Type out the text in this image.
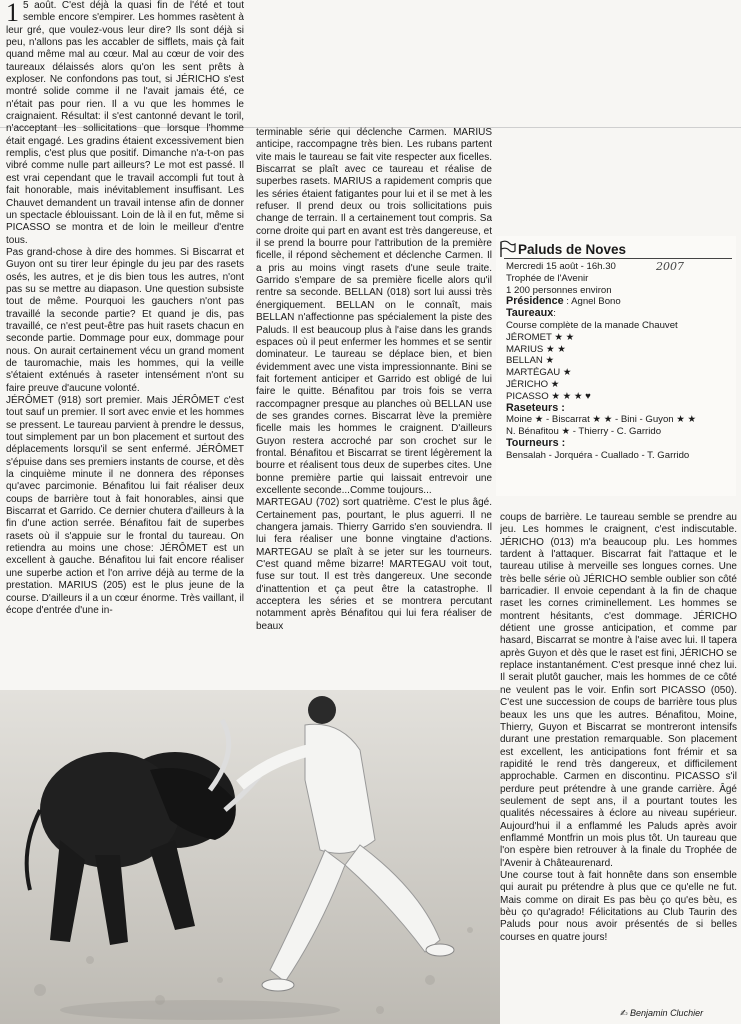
1 5 août. C'est déjà la quasi fin de l'été et tout semble encore s'empirer. Les hommes rasètent à leur gré, que voulez-vous leur dire? Ils sont déjà si peu, n'allons pas les accabler de sifflets, mais çà fait quand même mal au cœur. Mal au cœur de voir des taureaux délaissés alors qu'on les sent prêts à exploser. Ne confondons pas tout, si JÉRICHO s'est montré solide comme il ne l'avait jamais été, ce n'était pas pour rien. Il a vu que les hommes le craignaient. Résultat: il s'est cantonné devant le toril, n'acceptant les sollicitations que lorsque l'homme était engagé. Les gradins étaient excessivement bien remplis, c'est plus que positif. Dimanche n'a-t-on pas vibré comme nulle part ailleurs? Le mot est passé. Il est vrai cependant que le travail accompli fut tout à fait honorable, mais inévitablement insuffisant. Les Chauvet demandent un travail intense afin de donner un spectacle éblouissant. Loin de là il en fut, même si PICASSO se montra et de loin le meilleur d'entre tous.

Pas grand-chose à dire des hommes. Si Biscarrat et Guyon ont su tirer leur épingle du jeu par des rasets osés, les autres, et je dis bien tous les autres, n'ont pas su se mettre au diapason. Une question subsiste tout de même. Pourquoi les gauchers n'ont pas travaillé la seconde partie? Et quand je dis, pas travaillé, ce n'est peut-être pas huit rasets chacun en seconde partie. Dommage pour eux, dommage pour nous. On aurait certainement vécu un grand moment de tauromachie, mais les hommes, qui la veille s'étaient exténués à raseter intensément n'ont su faire preuve d'aucune volonté.

JÉRÔMET (918) sort premier. Mais JÉRÔMET c'est tout sauf un premier. Il sort avec envie et les hommes se pressent. Le taureau parvient à prendre le dessus, tout simplement par un bon placement et surtout des déplacements lorsqu'il se sent enfermé. JÉRÔMET s'épuise dans ses premiers instants de course, et dès la cinquième minute il ne donnera des réponses qu'avec parcimonie. Bénafitou lui fait réaliser deux coups de barrière tout à fait honorables, ainsi que Biscarrat et Garrido. Ce dernier chutera d'ailleurs à la fin d'une action serrée. Bénafitou fait de superbes rasets où il s'appuie sur le frontal du taureau. On retiendra au moins une chose: JÉRÔMET est un excellent à gauche. Bénafitou lui fait encore réaliser une superbe action et l'on arrive déjà au terme de la prestation. MARIUS (205) est le plus jeune de la course. D'ailleurs il a un cœur énorme. Très vaillant, il écope d'entrée d'une in-

terminable série qui déclenche Carmen. MARIUS anticipe, raccompagne très bien. Les rubans partent vite mais le taureau se fait vite respecter aux ficelles. Biscarrat se plaît avec ce taureau et réalise de superbes rasets. MARIUS a rapidement compris que les séries étaient fatigantes pour lui et il se met à les refuser. Il prend deux ou trois sollicitations puis change de terrain. Il a certainement tout compris. Sa corne droite qui part en avant est très dangereuse, et il se prend la bourre pour l'attribution de la première ficelle, il répond sèchement et déclenche Carmen. Il a pris au moins vingt rasets d'une seule traite. Garrido s'empare de sa première ficelle alors qu'il rentre sa seconde. BELLAN (018) sort lui aussi très énergiquement. BELLAN on le connaît, mais BELLAN n'affectionne pas spécialement la piste des Paluds. Il est beaucoup plus à l'aise dans les grands espaces où il peut enfermer les hommes et se sentir dominateur. Le taureau se déplace bien, et bien évidemment avec une vista impressionnante. Bini se fait fortement anticiper et Garrido est obligé de lui faire le quitte. Bénafitou par trois fois se verra raccompagner presque au planches où BELLAN use de ses grandes cornes. Biscarrat lève la première ficelle mais les hommes le craignent. D'ailleurs Guyon restera accroché par son crochet sur le frontal. Bénafitou et Biscarrat se tirent légèrement la bourre et réalisent tous deux de superbes cites. Une bonne première partie qui laissait entrevoir une excellente seconde...Comme toujours...

MARTEGAU (702) sort quatrième. C'est le plus âgé. Certainement pas, pourtant, le plus aguerri. Il ne changera jamais. Thierry Garrido s'en souviendra. Il lui fera réaliser une bonne vingtaine d'actions. MARTEGAU se plaît à se jeter sur les tourneurs. C'est quand même bizarre! MARTEGAU voit tout, fuse sur tout. Il est très dangereux. Une seconde d'inattention et ça peut être la catastrophe. Il acceptera les séries et se montrera percutant notamment après Bénafitou qui lui fera réaliser de beaux

Paluds de Noves
2007
Mercredi 15 août - 16h.30
Trophée de l'Avenir
1 200 personnes environ
Présidence : Agnel Bono
Taureaux:
Course complète de la manade Chauvet
JÉROMET ★ ★
MARIUS ★ ★
BELLAN ★
MARTÉGAU ★
JÉRICHO ★
PICASSO ★ ★ ★ ♥
Raseteurs :
Moine ★ - Biscarrat ★ ★ - Bini - Guyon ★ ★
N. Bénafitou ★ - Thierry - C. Garrido
Tourneurs :
Bensalah - Jorquéra - Cuallado - T. Garrido

coups de barrière. Le taureau semble se prendre au jeu. Les hommes le craignent, c'est indiscutable. JÉRICHO (013) m'a beaucoup plu. Les hommes tardent à l'attaquer. Biscarrat fait l'attaque et le taureau utilise à merveille ses longues cornes. Une très belle série où JÉRICHO semble oublier son côté barricadier. Il envoie cependant à la fin de chaque raset les cornes criminellement. Les hommes se montrent hésitants, c'est dommage. JÉRICHO détient une grosse anticipation, et comme par hasard, Biscarrat se montre à l'aise avec lui. Il tapera après Guyon et dès que le raset est fini, JÉRICHO se replace instantanément. C'est presque inné chez lui. Il serait plutôt gaucher, mais les hommes de ce côté ne veulent pas le voir. Enfin sort PICASSO (050). C'est une succession de coups de barrière tous plus beaux les uns que les autres. Bénafitou, Moine, Thierry, Guyon et Biscarrat se montreront intensifs durant une prestation remarquable. Son placement est excellent, les anticipations font frémir et sa rapidité le rend très dangereux, et difficilement approchable. Carmen en discontinu. PICASSO s'il perdure peut prétendre à une grande carrière. Âgé seulement de sept ans, il a pourtant toutes les qualités nécessaires à éclore au niveau supérieur. Aujourd'hui il a enflammé les Paluds après avoir enflammé Montfrin un mois plus tôt. Un taureau que l'on espère bien retrouver à la finale du Trophée de l'Avenir à Châteaurenard.

Une course tout à fait honnête dans son ensemble qui aurait pu prétendre à plus que ce qu'elle ne fut. Mais comme on dirait Es pas bèu ço qu'es bèu, es bèu ço qu'agrado! Félicitations au Club Taurin des Paluds pour nous avoir présentés de si belles courses en quatre jours!

✍ Benjamin Cluchier
